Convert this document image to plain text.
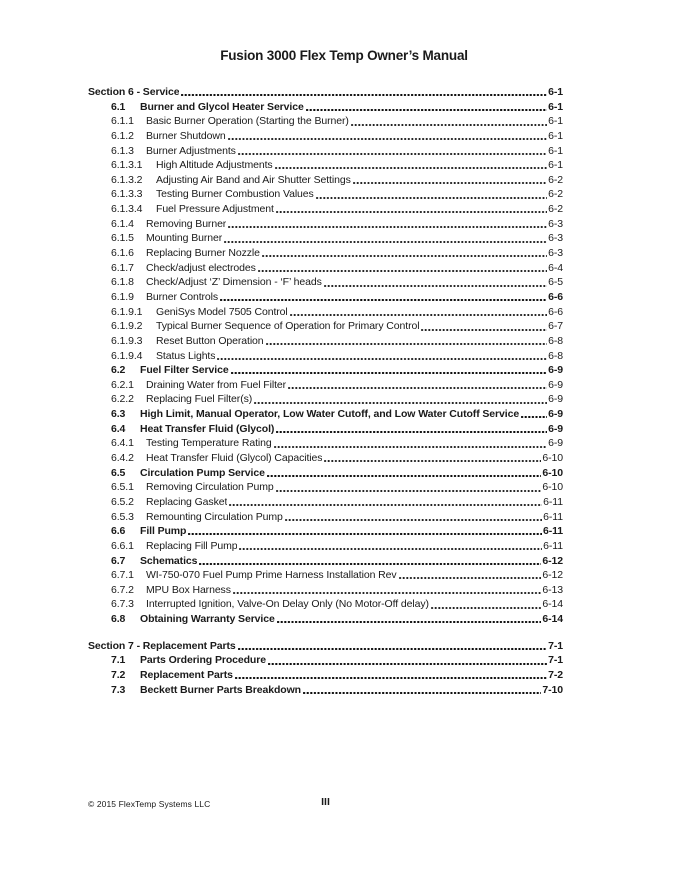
Fusion 3000 Flex Temp Owner’s Manual
Section 6 - Service	6-1
6.1	Burner and Glycol Heater Service	6-1
6.1.1	Basic Burner Operation (Starting the Burner)	6-1
6.1.2	Burner Shutdown	6-1
6.1.3	Burner Adjustments	6-1
6.1.3.1	High Altitude Adjustments	6-1
6.1.3.2	Adjusting Air Band and Air Shutter Settings	6-2
6.1.3.3	Testing Burner Combustion Values	6-2
6.1.3.4	Fuel Pressure Adjustment	6-2
6.1.4	Removing Burner	6-3
6.1.5	Mounting Burner	6-3
6.1.6	Replacing Burner Nozzle	6-3
6.1.7	Check/adjust electrodes	6-4
6.1.8	Check/Adjust ‘Z’ Dimension - ‘F’ heads	6-5
6.1.9	Burner Controls	6-6
6.1.9.1	GeniSys Model 7505 Control	6-6
6.1.9.2	Typical Burner Sequence of Operation for Primary Control	6-7
6.1.9.3	Reset Button Operation	6-8
6.1.9.4	Status Lights	6-8
6.2	Fuel Filter Service	6-9
6.2.1	Draining Water from Fuel Filter	6-9
6.2.2	Replacing Fuel Filter(s)	6-9
6.3	High Limit, Manual Operator, Low Water Cutoff, and Low Water Cutoff Service	6-9
6.4	Heat Transfer Fluid (Glycol)	6-9
6.4.1	Testing Temperature Rating	6-9
6.4.2	Heat Transfer Fluid (Glycol) Capacities	6-10
6.5	Circulation Pump Service	6-10
6.5.1	Removing Circulation Pump	6-10
6.5.2	Replacing Gasket	6-11
6.5.3	Remounting Circulation Pump	6-11
6.6	Fill Pump	6-11
6.6.1	Replacing Fill Pump	6-11
6.7	Schematics	6-12
6.7.1	WI-750-070 Fuel Pump Prime Harness Installation Rev	6-12
6.7.2	MPU Box Harness	6-13
6.7.3	Interrupted Ignition, Valve-On Delay Only (No Motor-Off delay)	6-14
6.8	Obtaining Warranty Service	6-14
Section 7 - Replacement Parts	7-1
7.1	Parts Ordering Procedure	7-1
7.2	Replacement Parts	7-2
7.3	Beckett Burner Parts Breakdown	7-10
© 2015 FlexTemp Systems LLC	III
